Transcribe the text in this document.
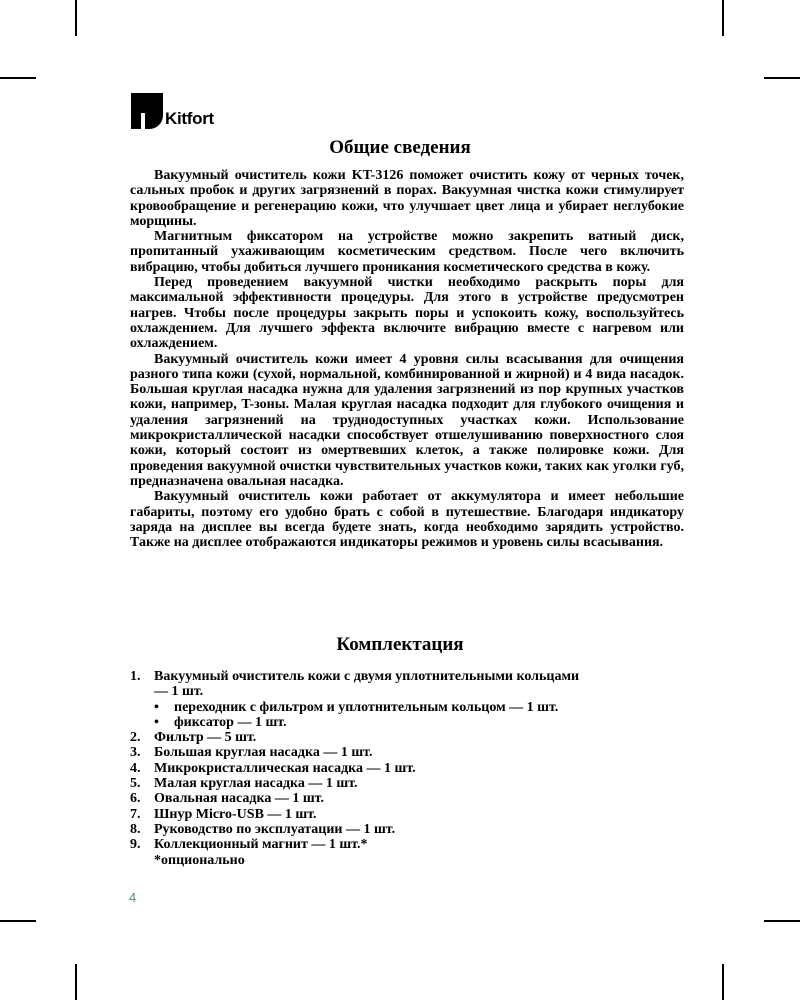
Kitfort
Общие сведения

Вакуумный очиститель кожи KT-3126 поможет очистить кожу от черных точек, сальных пробок и других загрязнений в порах. Вакуумная чистка кожи стимулирует кровообращение и регенерацию кожи, что улучшает цвет лица и убирает неглубокие морщины.

Магнитным фиксатором на устройстве можно закрепить ватный диск, пропитанный ухаживающим косметическим средством. После чего включить вибрацию, чтобы добиться лучшего проникания косметического средства в кожу.

Перед проведением вакуумной чистки необходимо раскрыть поры для максимальной эффективности процедуры. Для этого в устройстве предусмотрен нагрев. Чтобы после процедуры закрыть поры и успокоить кожу, воспользуйтесь охлаждением. Для лучшего эффекта включите вибрацию вместе с нагревом или охлаждением.

Вакуумный очиститель кожи имеет 4 уровня силы всасывания для очищения разного типа кожи (сухой, нормальной, комбинированной и жирной) и 4 вида насадок. Большая круглая насадка нужна для удаления загрязнений из пор крупных участков кожи, например, T-зоны. Малая круглая насадка подходит для глубокого очищения и удаления загрязнений на труднодоступных участках кожи. Использование микрокристаллической насадки способствует отшелушиванию поверхностного слоя кожи, который состоит из омертвевших клеток, а также полировке кожи. Для проведения вакуумной очистки чувствительных участков кожи, таких как уголки губ, предназначена овальная насадка.

Вакуумный очиститель кожи работает от аккумулятора и имеет небольшие габариты, поэтому его удобно брать с собой в путешествие. Благодаря индикатору заряда на дисплее вы всегда будете знать, когда необходимо зарядить устройство. Также на дисплее отображаются индикаторы режимов и уровень силы всасывания.

Комплектация
1. Вакуумный очиститель кожи с двумя уплотнительными кольцами — 1 шт.
•	переходник с фильтром и уплотнительным кольцом — 1 шт.
•	фиксатор — 1 шт.
2. Фильтр — 5 шт.
3. Большая круглая насадка — 1 шт.
4. Микрокристаллическая насадка — 1 шт.
5. Малая круглая насадка — 1 шт.
6. Овальная насадка — 1 шт.
7. Шнур Micro-USB — 1 шт.
8. Руководство по эксплуатации — 1 шт.
9. Коллекционный магнит — 1 шт.*
*опционально
4
